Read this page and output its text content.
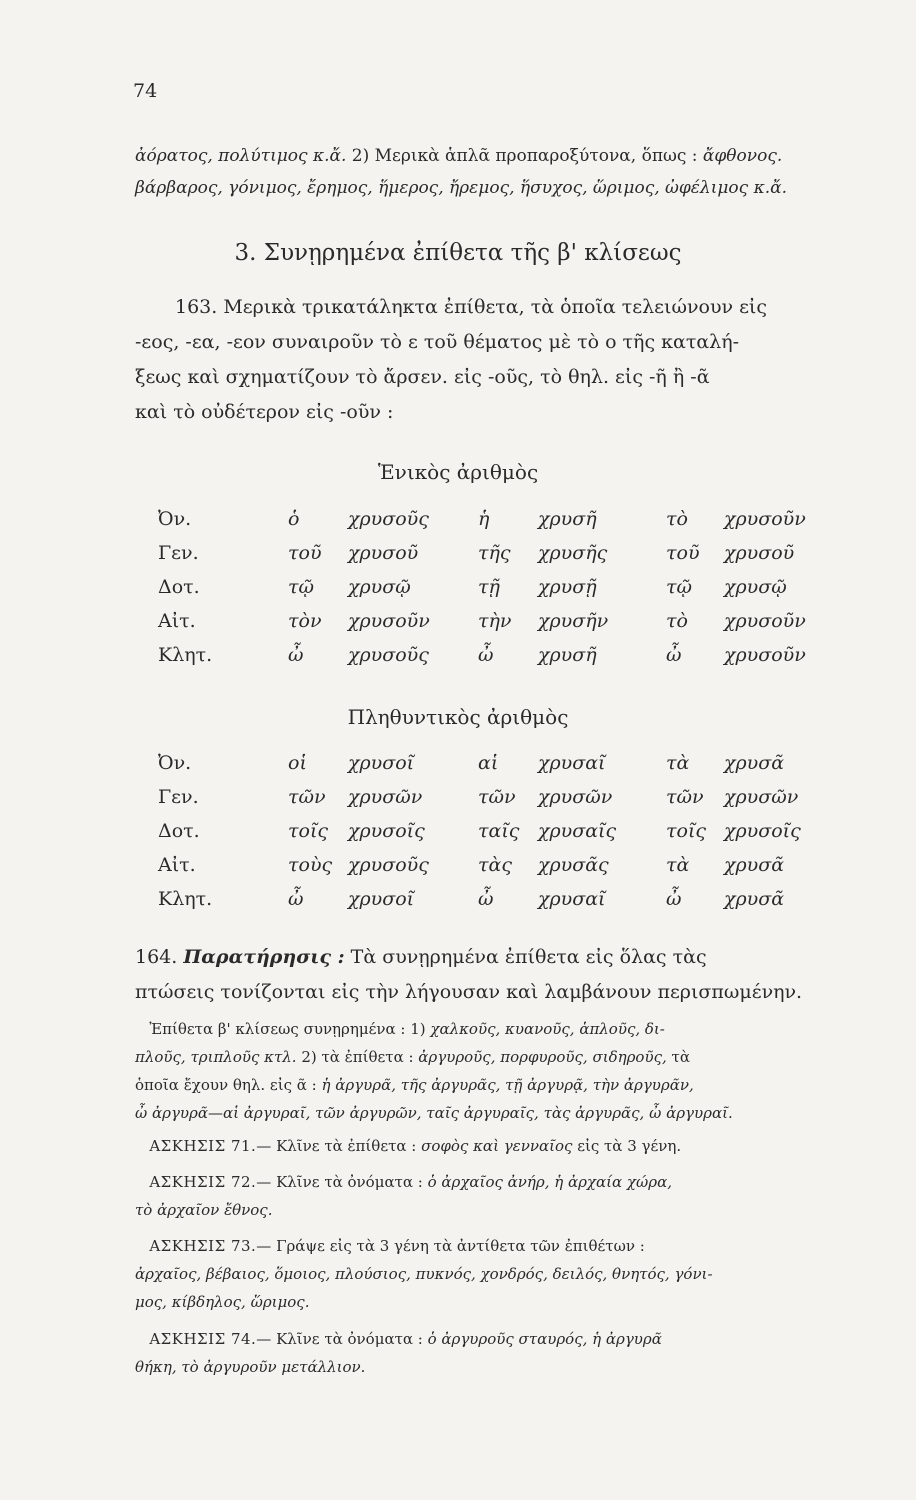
74
ἀόρατος, πολύτιμος κ.ἄ. 2) Μερικὰ ἁπλᾶ προπαροξύτονα, ὅπως : ἄφθονος.
βάρβαρος, γόνιμος, ἔρημος, ἥμερος, ἤρεμος, ἥσυχος, ὥριμος, ὠφέλιμος κ.ἄ.
3. Συνῃρημένα ἐπίθετα τῆς β' κλίσεως
163. Μερικὰ τρικατάληκτα ἐπίθετα, τὰ ὁποῖα τελειώνουν εἰς
-εος, -εα, -εον συναιροῦν τὸ ε τοῦ θέματος μὲ τὸ ο τῆς καταλή-
ξεως καὶ σχηματίζουν τὸ ἄρσεν. εἰς -οῦς, τὸ θηλ. εἰς -ῆ ἢ -ᾶ
καὶ τὸ οὐδέτερον εἰς -οῦν :
Ἑνικὸς ἀριθμὸς
Ὀν.	ὁ	χρυσοῦς	ἡ	χρυσῆ	τὸ χρυσοῦν
Γεν.	τοῦ χρυσοῦ	τῆς χρυσῆς	τοῦ χρυσοῦ
Δοτ.	τῷ χρυσῷ	τῇ χρυσῇ	τῷ χρυσῷ
Αἰτ.	τὸν χρυσοῦν	τὴν χρυσῆν	τὸ χρυσοῦν
Κλητ.	ὦ χρυσοῦς	ὦ χρυσῆ	ὦ χρυσοῦν
Πληθυντικὸς ἀριθμὸς
Ὀν.	οἱ χρυσοῖ	αἱ χρυσαῖ	τὰ χρυσᾶ
Γεν.	τῶν χρυσῶν	τῶν χρυσῶν	τῶν χρυσῶν
Δοτ.	τοῖς χρυσοῖς	ταῖς χρυσαῖς	τοῖς χρυσοῖς
Αἰτ.	τοὺς χρυσοῦς	τὰς χρυσᾶς	τὰ χρυσᾶ
Κλητ.	ὦ χρυσοῖ	ὦ χρυσαῖ	ὦ χρυσᾶ
164. Παρατήρησις : Τὰ συνῃρημένα ἐπίθετα εἰς ὅλας τὰς
πτώσεις τονίζονται εἰς τὴν λήγουσαν καὶ λαμβάνουν περισπωμένην.
Ἐπίθετα β' κλίσεως συνῃρημένα : 1) χαλκοῦς, κυανοῦς, ἁπλοῦς, δι-
πλοῦς, τριπλοῦς κτλ. 2) τὰ ἐπίθετα : ἀργυροῦς, πορφυροῦς, σιδηροῦς, τὰ
ὁποῖα ἔχουν θηλ. εἰς ᾶ : ἡ ἀργυρᾶ, τῆς ἀργυρᾶς, τῇ ἀργυρᾷ, τὴν ἀργυρᾶν,
ὦ ἀργυρᾶ—αἱ ἀργυραῖ, τῶν ἀργυρῶν, ταῖς ἀργυραῖς, τὰς ἀργυρᾶς, ὦ ἀργυραῖ.
ΑΣΚΗΣΙΣ 71.— Κλῖνε τὰ ἐπίθετα : σοφὸς καὶ γενναῖος εἰς τὰ 3 γένη.
ΑΣΚΗΣΙΣ 72.— Κλῖνε τὰ ὀνόματα : ὁ ἀρχαῖος ἀνήρ, ἡ ἀρχαία χώρα,
τὸ ἀρχαῖον ἔθνος.
ΑΣΚΗΣΙΣ 73.— Γράψε εἰς τὰ 3 γένη τὰ ἀντίθετα τῶν ἐπιθέτων :
ἀρχαῖος, βέβαιος, ὅμοιος, πλούσιος, πυκνός, χονδρός, δειλός, θνητός, γόνι-
μος, κίβδηλος, ὥριμος.
ΑΣΚΗΣΙΣ 74.— Κλῖνε τὰ ὀνόματα : ὁ ἀργυροῦς σταυρός, ἡ ἀργυρᾶ
θήκη, τὸ ἀργυροῦν μετάλλιον.
